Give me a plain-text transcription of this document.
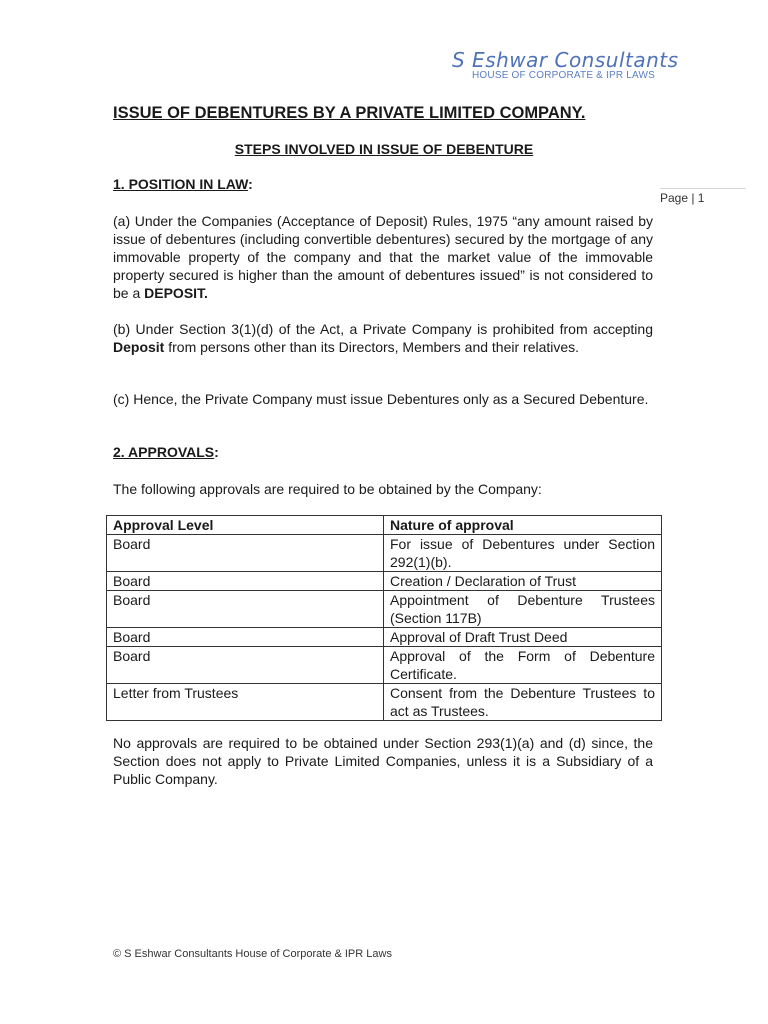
S Eshwar Consultants
HOUSE OF CORPORATE & IPR LAWS
Page | 1
ISSUE OF DEBENTURES BY A PRIVATE LIMITED COMPANY.
STEPS INVOLVED IN ISSUE OF DEBENTURE
1. POSITION IN LAW:

(a) Under the Companies (Acceptance of Deposit) Rules, 1975 “any amount raised by issue of debentures (including convertible debentures) secured by the mortgage of any immovable property of the company and that the market value of the immovable property secured is higher than the amount of debentures issued” is not considered to be a DEPOSIT.

(b) Under Section 3(1)(d) of the Act, a Private Company is prohibited from accepting Deposit from persons other than its Directors, Members and their relatives.

(c) Hence, the Private Company must issue Debentures only as a Secured Debenture.

2. APPROVALS:

The following approvals are required to be obtained by the Company:

Approval Level	Nature of approval
Board	For issue of Debentures under Section 292(1)(b).
Board	Creation / Declaration of Trust
Board	Appointment of Debenture Trustees (Section 117B)
Board	Approval of Draft Trust Deed
Board	Approval of the Form of Debenture Certificate.
Letter from Trustees	Consent from the Debenture Trustees to act as Trustees.

No approvals are required to be obtained under Section 293(1)(a) and (d) since, the Section does not apply to Private Limited Companies, unless it is a Subsidiary of a Public Company.

© S Eshwar Consultants House of Corporate & IPR Laws
